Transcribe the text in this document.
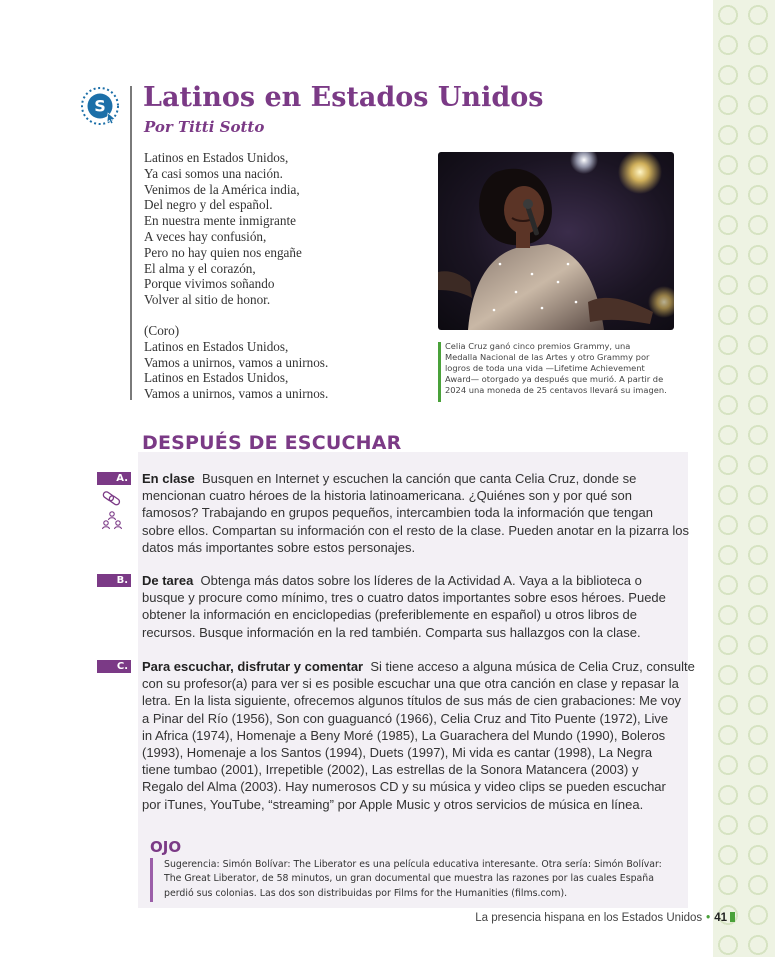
S Latinos en Estados Unidos
Por Titti Sotto
Latinos en Estados Unidos,
Ya casi somos una nación.
Venimos de la América india,
Del negro y del español.
En nuestra mente inmigrante
A veces hay confusión,
Pero no hay quien nos engañe
El alma y el corazón,
Porque vivimos soñando
Volver al sitio de honor.
(Coro)
Latinos en Estados Unidos,
Vamos a unirnos, vamos a unirnos.
Latinos en Estados Unidos,
Vamos a unirnos, vamos a unirnos.
Celia Cruz ganó cinco premios Grammy, una
Medalla Nacional de las Artes y otro Grammy por
logros de toda una vida —Lifetime Achievement
Award— otorgado ya después que murió. A partir de
2024 una moneda de 25 centavos llevará su imagen.
DESPUÉS DE ESCUCHAR
A. En clase Busquen en Internet y escuchen la canción que canta Celia Cruz, donde se
mencionan cuatro héroes de la historia latinoamericana. ¿Quiénes son y por qué son
famosos? Trabajando en grupos pequeños, intercambien toda la información que tengan
sobre ellos. Compartan su información con el resto de la clase. Pueden anotar en la pizarra los
datos más importantes sobre estos personajes.
B. De tarea Obtenga más datos sobre los líderes de la Actividad A. Vaya a la biblioteca o
busque y procure como mínimo, tres o cuatro datos importantes sobre esos héroes. Puede
obtener la información en enciclopedias (preferiblemente en español) u otros libros de
recursos. Busque información en la red también. Comparta sus hallazgos con la clase.
C. Para escuchar, disfrutar y comentar Si tiene acceso a alguna música de Celia Cruz, consulte
con su profesor(a) para ver si es posible escuchar una que otra canción en clase y repasar la
letra. En la lista siguiente, ofrecemos algunos títulos de sus más de cien grabaciones: Me voy
a Pinar del Río (1956), Son con guaguancó (1966), Celia Cruz and Tito Puente (1972), Live
in Africa (1974), Homenaje a Beny Moré (1985), La Guarachera del Mundo (1990), Boleros
(1993), Homenaje a los Santos (1994), Duets (1997), Mi vida es cantar (1998), La Negra
tiene tumbao (2001), Irrepetible (2002), Las estrellas de la Sonora Matancera (2003) y
Regalo del Alma (2003). Hay numerosos CD y su música y video clips se pueden escuchar
por iTunes, YouTube, “streaming” por Apple Music y otros servicios de música en línea.
OJO
Sugerencia: Simón Bolívar: The Liberator es una película educativa interesante. Otra sería: Simón Bolívar:
The Great Liberator, de 58 minutos, un gran documental que muestra las razones por las cuales España
perdió sus colonias. Las dos son distribuidas por Films for the Humanities (films.com).
La presencia hispana en los Estados Unidos • 41
